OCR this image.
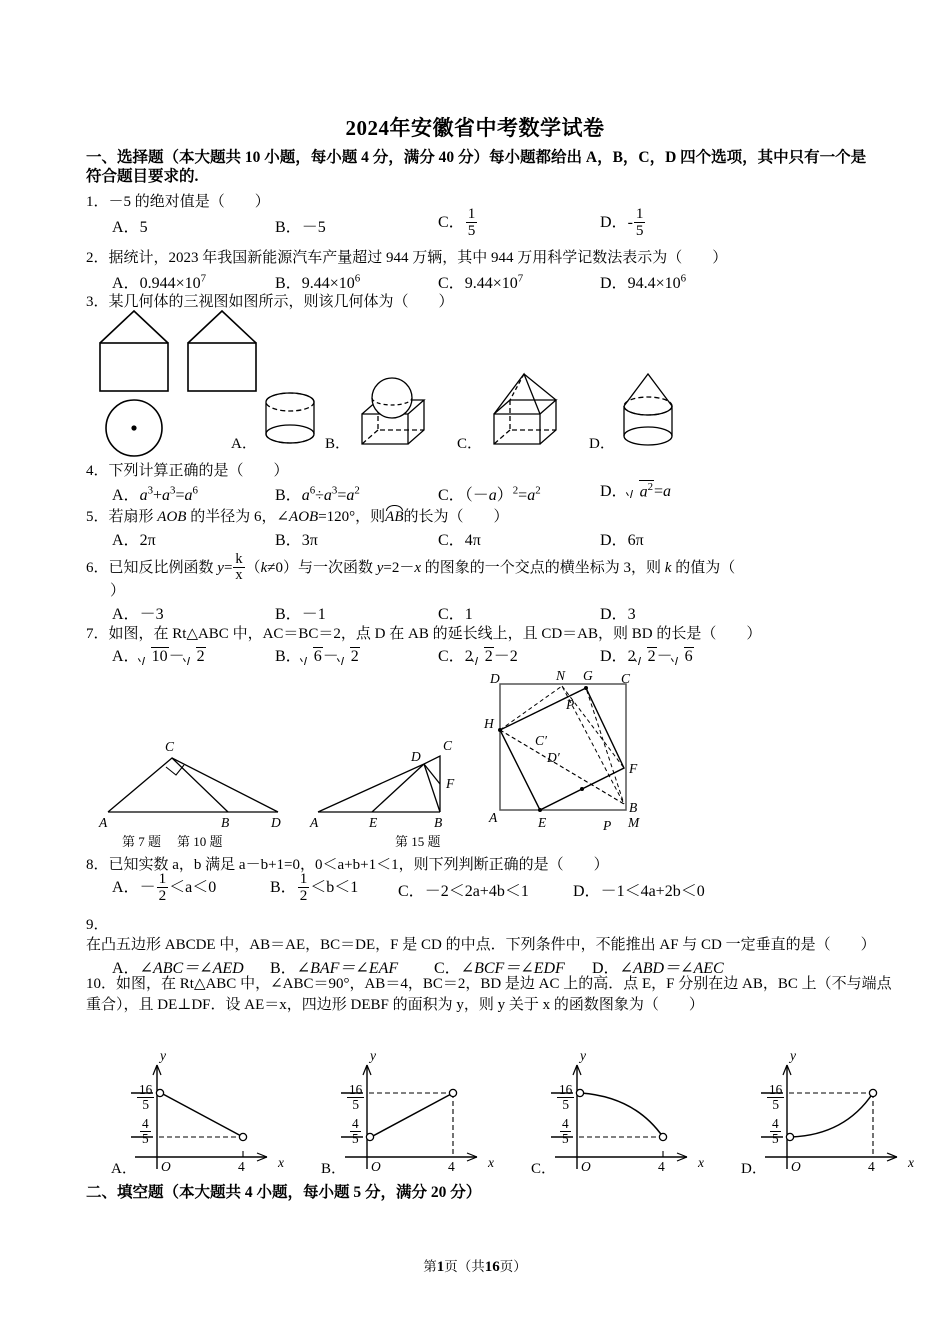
2024年安徽省中考数学试卷
一、选择题（本大题共 10 小题，每小题 4 分，满分 40 分）每小题都给出 A，B，C，D 四个选项，其中只有一个是符合题目要求的.
1．－5 的绝对值是（　　 ）
A．5	B．－5	C． $\frac{1}{5}$	D．- $\frac{1}{5}$
2．据统计，2023 年我国新能源汽车产量超过 944 万辆，其中 944 万用科学记数法表示为（　　 ）
A．$0.944\times 10^7$	B．$9.44\times 10^6$	C．$9.44\times 10^7$	D．$94.4\times 10^6$
3．某几何体的三视图如图所示，则该几何体为（　　 ）
A．	B．	C．	D．
4．下列计算正确的是（　　 ）
A．$a^3+a^3=a^6$	B．$a^6\div a^3=a^2$	C．$(-a)^2=a^2$	D． $a^2=a$
5．若扇形 AOB 的半径为 6，∠AOB=120°，则AB的长为（　　）
A．2π	B．3π	C．4π	D．6π
6．已知反比例函数 $y= \frac{k}{x} (k\ne 0)$与一次函数 y=2－x 的图象的一个交点的横坐标为 3，则 k 的值为（
）
A．－3	B．－1	C．1	D．3
7．如图，在 Rt△ABC 中，AC＝BC＝2，点 D 在 AB 的延长线上，且 CD＝AB，则 BD 的长是（　　）
A． 10－ 2	B． 6－ 2	C．2 2－2	D．2 2－ 6
A	B
C
D
第 7 题
A	B
C
D
E
F
第 10 题
D	N G C
H
P
C′
D′
F
B
A	E	P M
第 15 题
8．已知实数 a，b 满足 a－b+1=0，0＜a+b+1＜1，则下列判断正确的是（　　）
A．－ $\frac{1}{2} <a<0$	B． $\frac{1}{2} <b<1$ C．－2＜2a+4b＜1	D．－1＜4a+2b＜0
9．在凸五边形 ABCDE 中，AB＝AE，BC＝DE，F 是 CD 的中点．下列条件中，不能推出 AF 与 CD 一定垂直的是（　　）
A．∠ABC＝∠AED B．∠BAF＝∠EAF C．∠BCF＝∠EDF D．∠ABD＝∠AEC
10．如图，在 Rt△ABC 中，∠ABC＝90°，AB＝4，BC＝2，BD 是边 AC 上的高．点 E，F 分别在边 AB，BC 上（不与端点重合），且 DE⊥DF．设 AE＝x，四边形 DEBF 的面积为 y，则 y 关于 x 的函数图象为（　　）
y
x
$\frac{16}{5}$
$\frac{4}{5}$
O	4
A．
y
x
$\frac{16}{5}$
$\frac{4}{5}$
O	4
B．
y
x
$\frac{16}{5}$
$\frac{4}{5}$
O	4
C．
y
x
$\frac{16}{5}$
$\frac{4}{5}$
O	4
D．
二、填空题（本大题共 4 小题，每小题 5 分，满分 20 分）
第1页（共16页）
